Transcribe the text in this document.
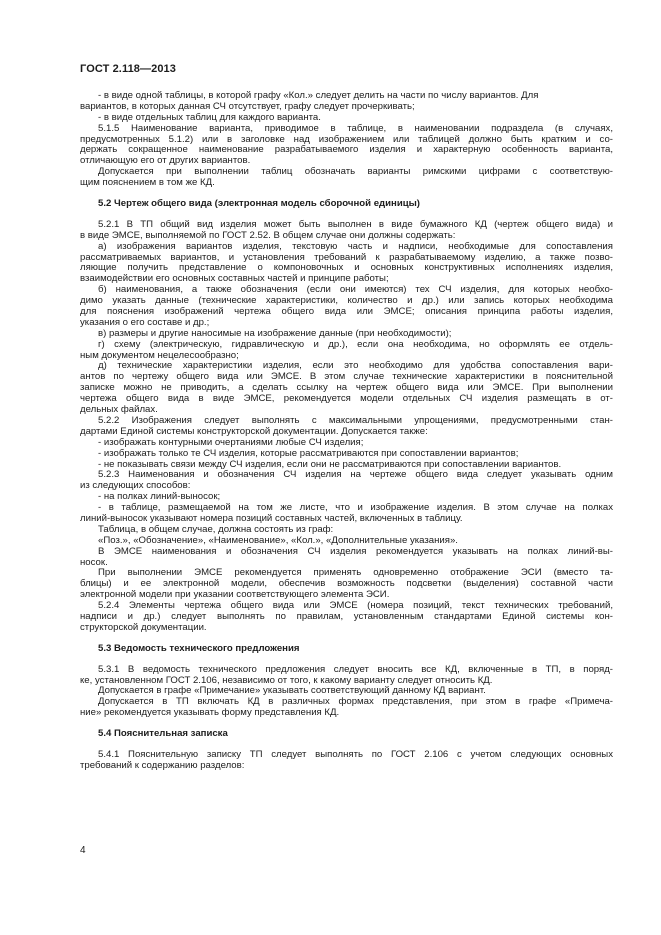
ГОСТ 2.118—2013
- в виде одной таблицы, в которой графу «Кол.» следует делить на части по числу вариантов. Для
вариантов, в которых данная СЧ отсутствует, графу следует прочеркивать;
- в виде отдельных таблиц для каждого варианта.
5.1.5 Наименование варианта, приводимое в таблице, в наименовании подраздела (в случаях,
предусмотренных 5.1.2) или в заголовке над изображением или таблицей должно быть кратким и со-
держать сокращенное наименование разрабатываемого изделия и характерную особенность варианта,
отличающую его от других вариантов.
Допускается при выполнении таблиц обозначать варианты римскими цифрами с соответствую-
щим пояснением в том же КД.
5.2 Чертеж общего вида (электронная модель сборочной единицы)
5.2.1 В ТП общий вид изделия может быть выполнен в виде бумажного КД (чертеж общего вида) и
в виде ЭМСЕ, выполняемой по ГОСТ 2.52. В общем случае они должны содержать:
а) изображения вариантов изделия, текстовую часть и надписи, необходимые для сопоставления
рассматриваемых вариантов, и установления требований к разрабатываемому изделию, а также позво-
ляющие получить представление о компоновочных и основных конструктивных исполнениях изделия,
взаимодействии его основных составных частей и принципе работы;
б) наименования, а также обозначения (если они имеются) тех СЧ изделия, для которых необхо-
димо указать данные (технические характеристики, количество и др.) или запись которых необходима
для пояснения изображений чертежа общего вида или ЭМСЕ; описания принципа работы изделия,
указания о его составе и др.;
в) размеры и другие наносимые на изображение данные (при необходимости);
г) схему (электрическую, гидравлическую и др.), если она необходима, но оформлять ее отдель-
ным документом нецелесообразно;
д) технические характеристики изделия, если это необходимо для удобства сопоставления вари-
антов по чертежу общего вида или ЭМСЕ. В этом случае технические характеристики в пояснительной
записке можно не приводить, а сделать ссылку на чертеж общего вида или ЭМСЕ. При выполнении
чертежа общего вида в виде ЭМСЕ, рекомендуется модели отдельных СЧ изделия размещать в от-
дельных файлах.
5.2.2 Изображения следует выполнять с максимальными упрощениями, предусмотренными стан-
дартами Единой системы конструкторской документации. Допускается также:
- изображать контурными очертаниями любые СЧ изделия;
- изображать только те СЧ изделия, которые рассматриваются при сопоставлении вариантов;
- не показывать связи между СЧ изделия, если они не рассматриваются при сопоставлении вариантов.
5.2.3 Наименования и обозначения СЧ изделия на чертеже общего вида следует указывать одним
из следующих способов:
- на полках линий-выносок;
- в таблице, размещаемой на том же листе, что и изображение изделия. В этом случае на полках
линий-выносок указывают номера позиций составных частей, включенных в таблицу.
Таблица, в общем случае, должна состоять из граф:
«Поз.», «Обозначение», «Наименование», «Кол.», «Дополнительные указания».
В ЭМСЕ наименования и обозначения СЧ изделия рекомендуется указывать на полках линий-вы-
носок.
При выполнении ЭМСЕ рекомендуется применять одновременно отображение ЭСИ (вместо та-
блицы) и ее электронной модели, обеспечив возможность подсветки (выделения) составной части
электронной модели при указании соответствующего элемента ЭСИ.
5.2.4 Элементы чертежа общего вида или ЭМСЕ (номера позиций, текст технических требований,
надписи и др.) следует выполнять по правилам, установленным стандартами Единой системы кон-
структорской документации.
5.3 Ведомость технического предложения
5.3.1 В ведомость технического предложения следует вносить все КД, включенные в ТП, в поряд-
ке, установленном ГОСТ 2.106, независимо от того, к какому варианту следует относить КД.
Допускается в графе «Примечание» указывать соответствующий данному КД вариант.
Допускается в ТП включать КД в различных формах представления, при этом в графе «Примеча-
ние» рекомендуется указывать форму представления КД.
5.4 Пояснительная записка
5.4.1 Пояснительную записку ТП следует выполнять по ГОСТ 2.106 с учетом следующих основных
требований к содержанию разделов:
4
